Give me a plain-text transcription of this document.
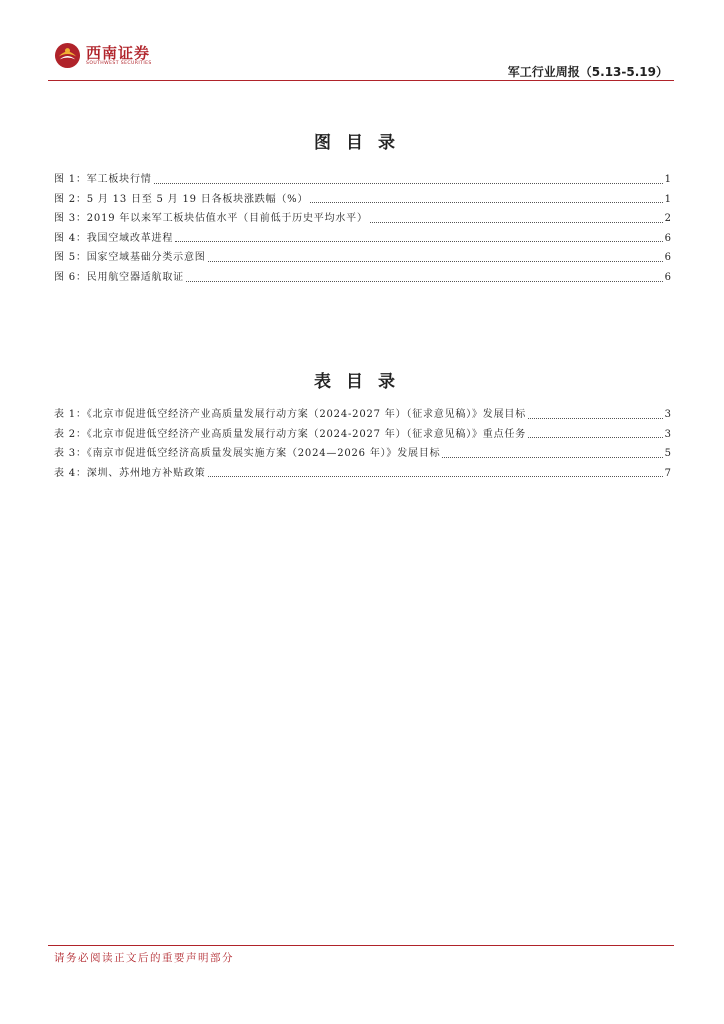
西南证券
SOUTHWEST SECURITIES
军工行业周报（5.13-5.19）
图目录
图 1：军工板块行情	1
图 2：5 月 13 日至 5 月 19 日各板块涨跌幅（%）	1
图 3：2019 年以来军工板块估值水平（目前低于历史平均水平）	2
图 4：我国空域改革进程	6
图 5：国家空域基础分类示意图	6
图 6：民用航空器适航取证	6
表目录
表 1：《北京市促进低空经济产业高质量发展行动方案（2024-2027 年）（征求意见稿）》发展目标	3
表 2：《北京市促进低空经济产业高质量发展行动方案（2024-2027 年）（征求意见稿）》重点任务	3
表 3：《南京市促进低空经济高质量发展实施方案（2024—2026 年）》发展目标	5
表 4：深圳、苏州地方补贴政策	7
请务必阅读正文后的重要声明部分
